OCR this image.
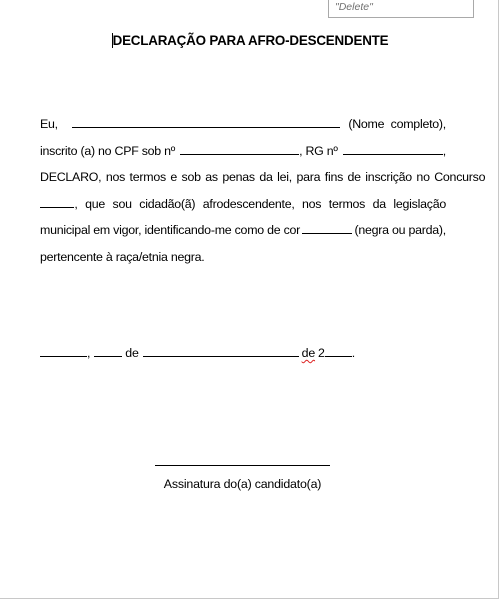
"Delete"
DECLARAÇÃO PARA AFRO-DESCENDENTE
Eu,	(Nome  completo),
inscrito (a) no CPF sob nº	, RG nº	,
DECLARO, nos termos e sob as penas da lei, para fins de inscrição no Concurso
, que sou cidadão(ã) afrodescendente, nos termos da legislação
municipal em vigor, identificando-me como de cor	(negra ou parda),
pertencente à raça/etnia negra.
,	de	de 2 .
Assinatura do(a) candidato(a)
